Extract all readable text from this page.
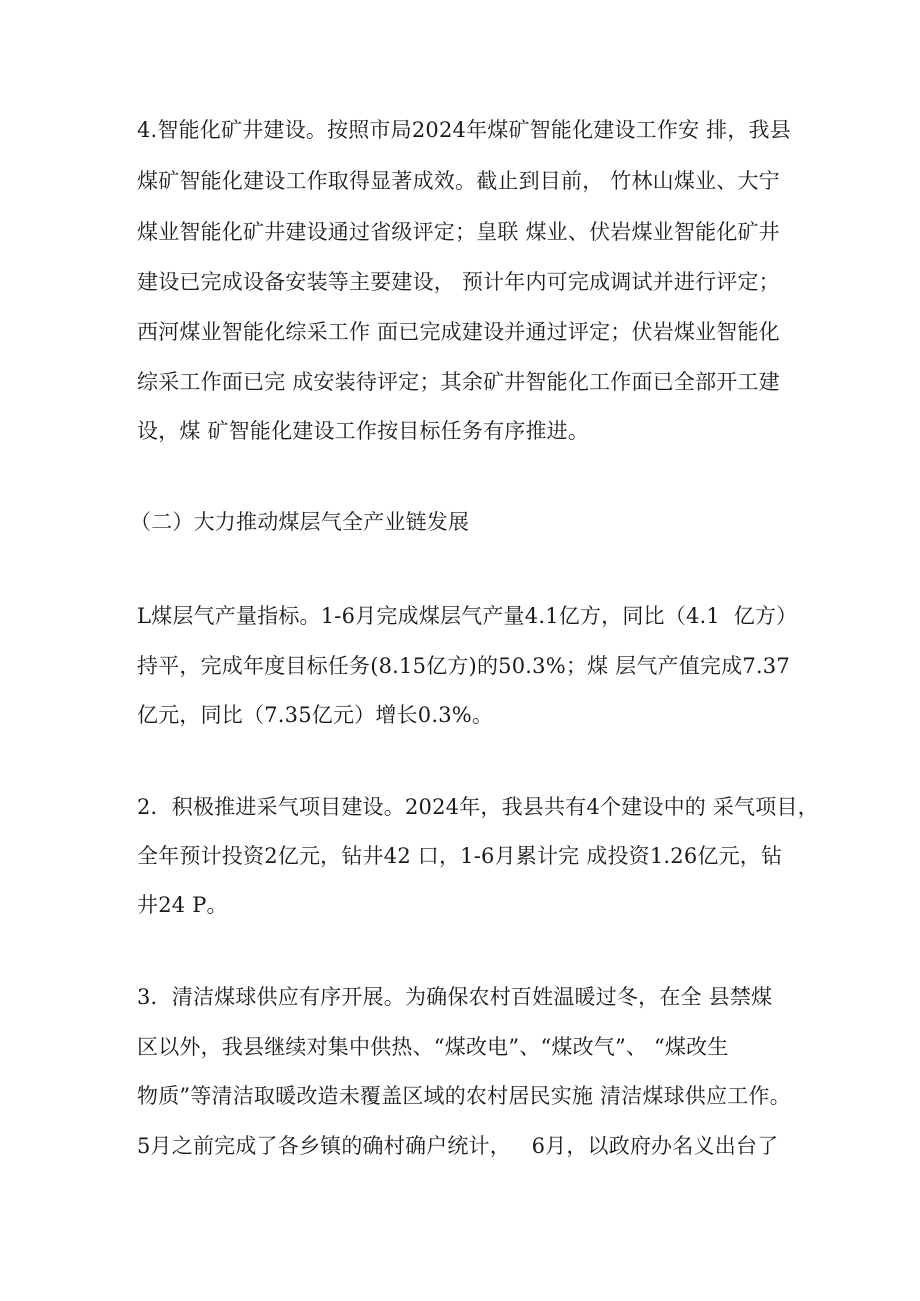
4.智能化矿井建设。按照市局2024年煤矿智能化建设工作安 排，我县
煤矿智能化建设工作取得显著成效。截止到目前， 竹林山煤业、大宁
煤业智能化矿井建设通过省级评定；皇联 煤业、伏岩煤业智能化矿井
建设已完成设备安装等主要建设， 预计年内可完成调试并进行评定；
西河煤业智能化综采工作 面已完成建设并通过评定；伏岩煤业智能化
综采工作面已完 成安装待评定；其余矿井智能化工作面已全部开工建
设，煤 矿智能化建设工作按目标任务有序推进。
（二）大力推动煤层气全产业链发展
L煤层气产量指标。1-6月完成煤层气产量4.1亿方，同比（4.1  亿方）
持平，完成年度目标任务(8.15亿方)的50.3%；煤 层气产值完成7.37
亿元，同比（7.35亿元）增长0.3%。
2．积极推进采气项目建设。2024年，我县共有4个建设中的 采气项目，
全年预计投资2亿元，钻井42 口，1-6月累计完 成投资1.26亿元，钻
井24 P。
3．清洁煤球供应有序开展。为确保农村百姓温暖过冬，在全 县禁煤
区以外，我县继续对集中供热、“煤改电”、“煤改气”、 “煤改生
物质”等清洁取暖改造未覆盖区域的农村居民实施 清洁煤球供应工作。
5月之前完成了各乡镇的确村确户统计，   6月，以政府办名义出台了
